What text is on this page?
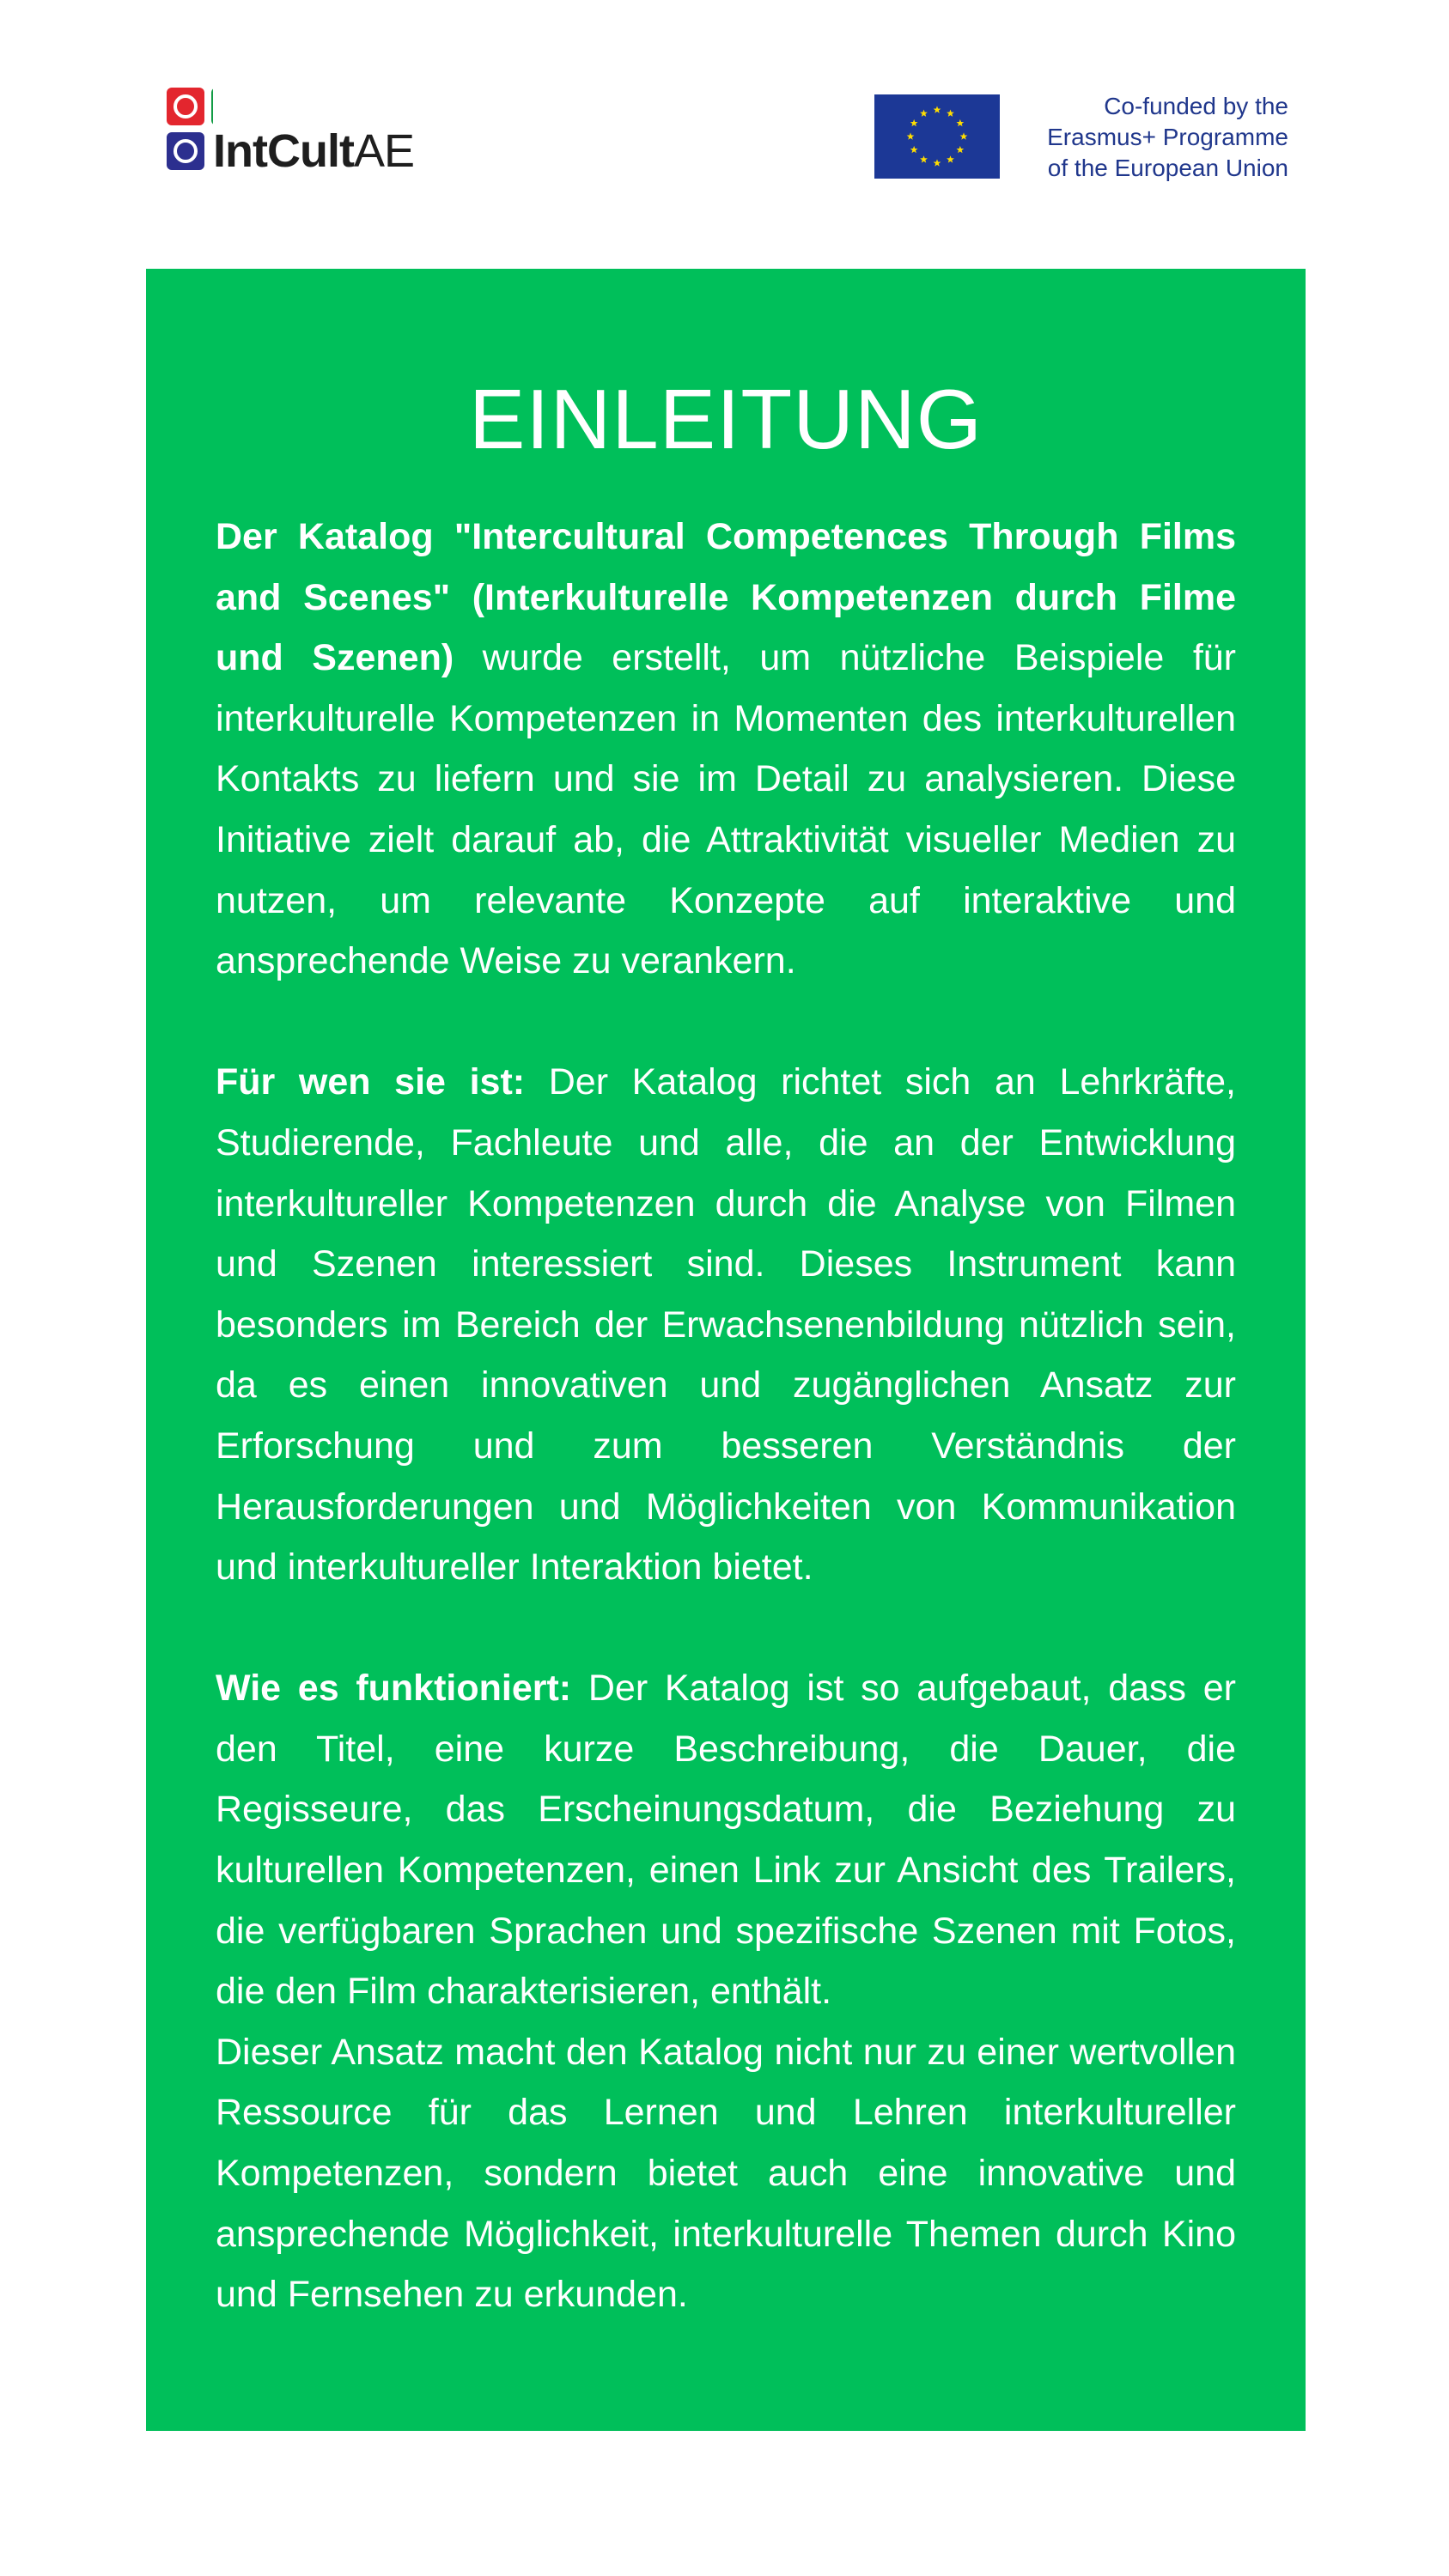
IntCultAE
Co-funded by the
Erasmus+ Programme
of the European Union
EINLEITUNG

Der Katalog "Intercultural Competences Through Films and Scenes" (Interkulturelle Kompetenzen durch Filme und Szenen) wurde erstellt, um nützliche Beispiele für interkulturelle Kompetenzen in Momenten des interkulturellen Kontakts zu liefern und sie im Detail zu analysieren. Diese Initiative zielt darauf ab, die Attraktivität visueller Medien zu nutzen, um relevante Konzepte auf interaktive und ansprechende Weise zu verankern.

Für wen sie ist: Der Katalog richtet sich an Lehrkräfte, Studierende, Fachleute und alle, die an der Entwicklung interkultureller Kompetenzen durch die Analyse von Filmen und Szenen interessiert sind. Dieses Instrument kann besonders im Bereich der Erwachsenenbildung nützlich sein, da es einen innovativen und zugänglichen Ansatz zur Erforschung und zum besseren Verständnis der Herausforderungen und Möglichkeiten von Kommunikation und interkultureller Interaktion bietet.

Wie es funktioniert: Der Katalog ist so aufgebaut, dass er den Titel, eine kurze Beschreibung, die Dauer, die Regisseure, das Erscheinungsdatum, die Beziehung zu kulturellen Kompetenzen, einen Link zur Ansicht des Trailers, die verfügbaren Sprachen und spezifische Szenen mit Fotos, die den Film charakterisieren, enthält.

Dieser Ansatz macht den Katalog nicht nur zu einer wertvollen Ressource für das Lernen und Lehren interkultureller Kompetenzen, sondern bietet auch eine innovative und ansprechende Möglichkeit, interkulturelle Themen durch Kino und Fernsehen zu erkunden.
